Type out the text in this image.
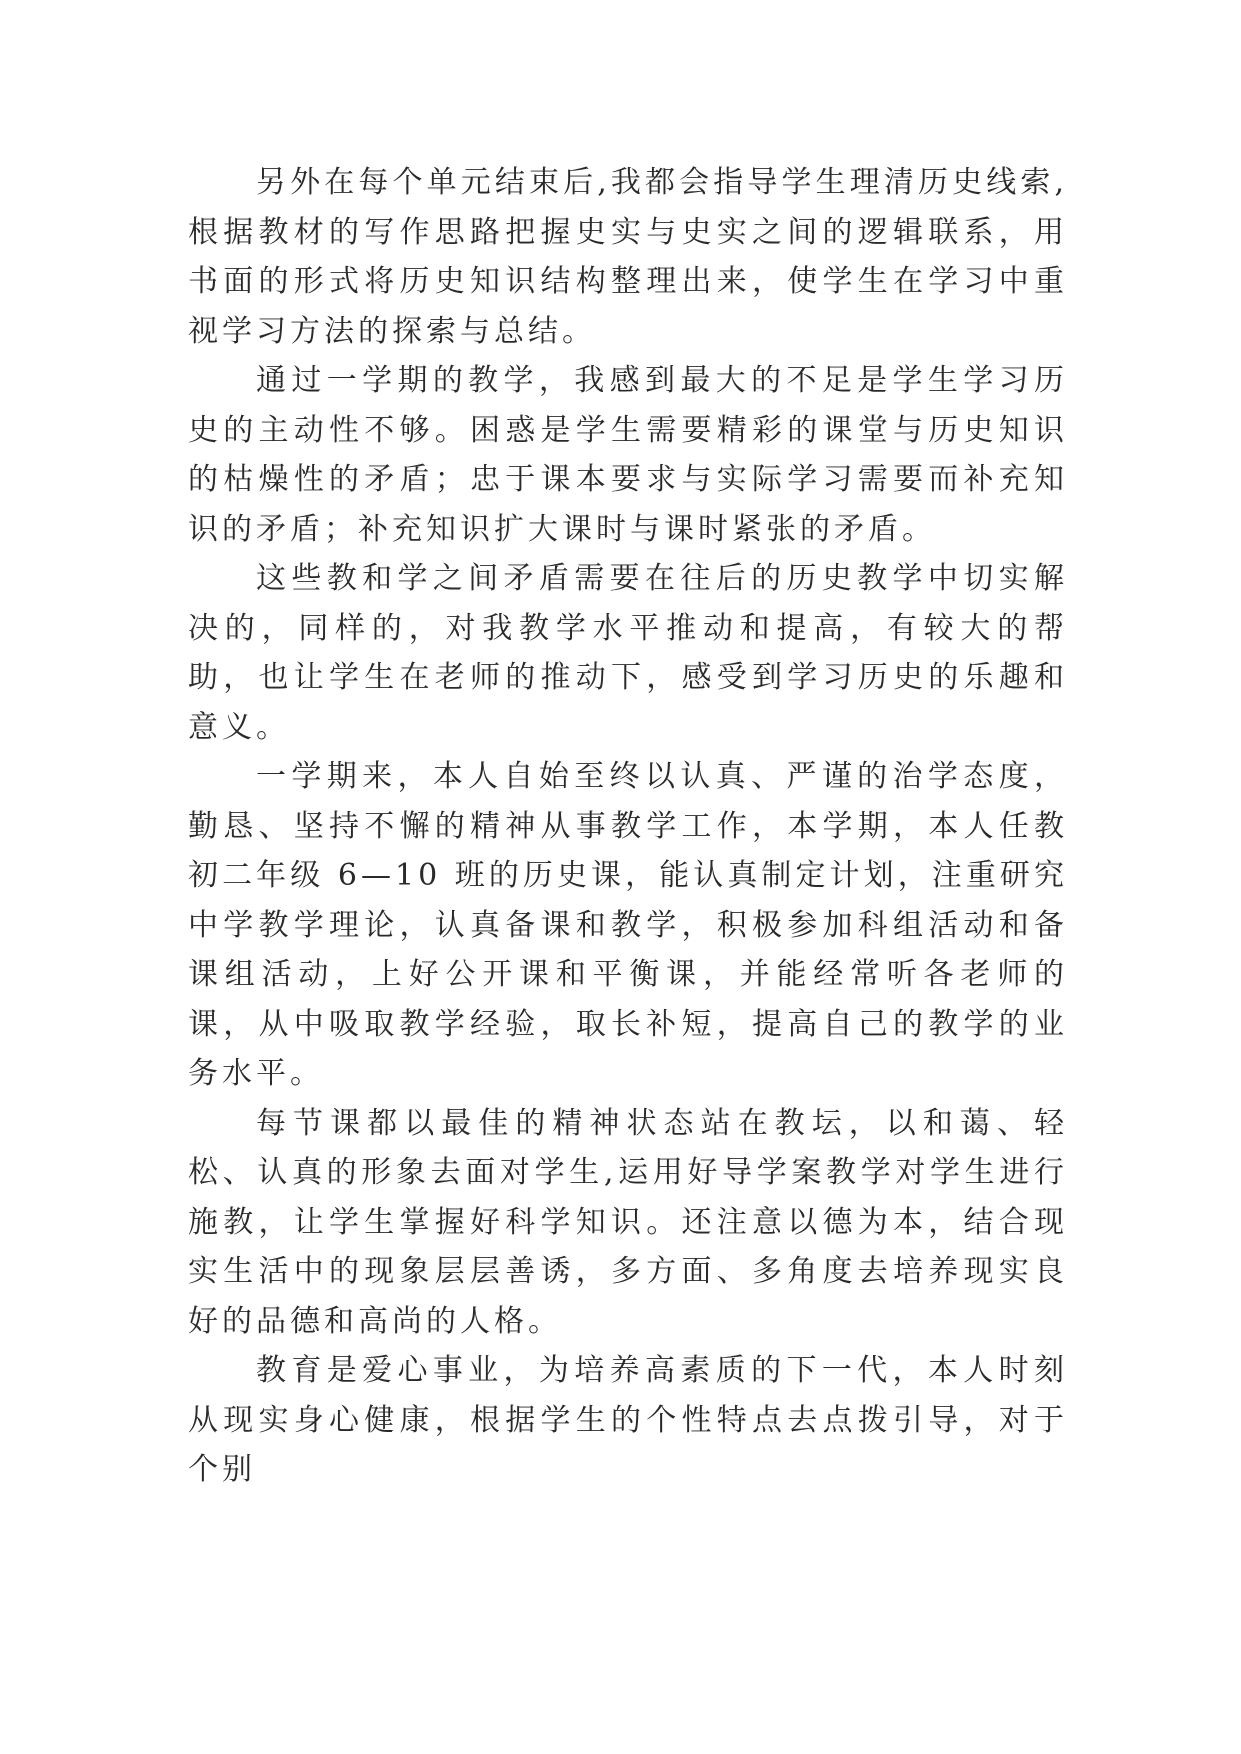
另外在每个单元结束后,我都会指导学生理清历史线索,根据教材的写作思路把握史实与史实之间的逻辑联系，用书面的形式将历史知识结构整理出来，使学生在学习中重视学习方法的探索与总结。

通过一学期的教学，我感到最大的不足是学生学习历史的主动性不够。困惑是学生需要精彩的课堂与历史知识的枯燥性的矛盾；忠于课本要求与实际学习需要而补充知识的矛盾；补充知识扩大课时与课时紧张的矛盾。

这些教和学之间矛盾需要在往后的历史教学中切实解决的，同样的，对我教学水平推动和提高，有较大的帮助，也让学生在老师的推动下，感受到学习历史的乐趣和意义。

一学期来，本人自始至终以认真、严谨的治学态度，勤恳、坚持不懈的精神从事教学工作，本学期，本人任教初二年级 6—10 班的历史课，能认真制定计划，注重研究中学教学理论，认真备课和教学，积极参加科组活动和备课组活动，上好公开课和平衡课，并能经常听各老师的课，从中吸取教学经验，取长补短，提高自己的教学的业务水平。

每节课都以最佳的精神状态站在教坛，以和蔼、轻松、认真的形象去面对学生,运用好导学案教学对学生进行施教，让学生掌握好科学知识。还注意以德为本，结合现实生活中的现象层层善诱，多方面、多角度去培养现实良好的品德和高尚的人格。

教育是爱心事业，为培养高素质的下一代，本人时刻从现实身心健康，根据学生的个性特点去点拨引导，对于个别
